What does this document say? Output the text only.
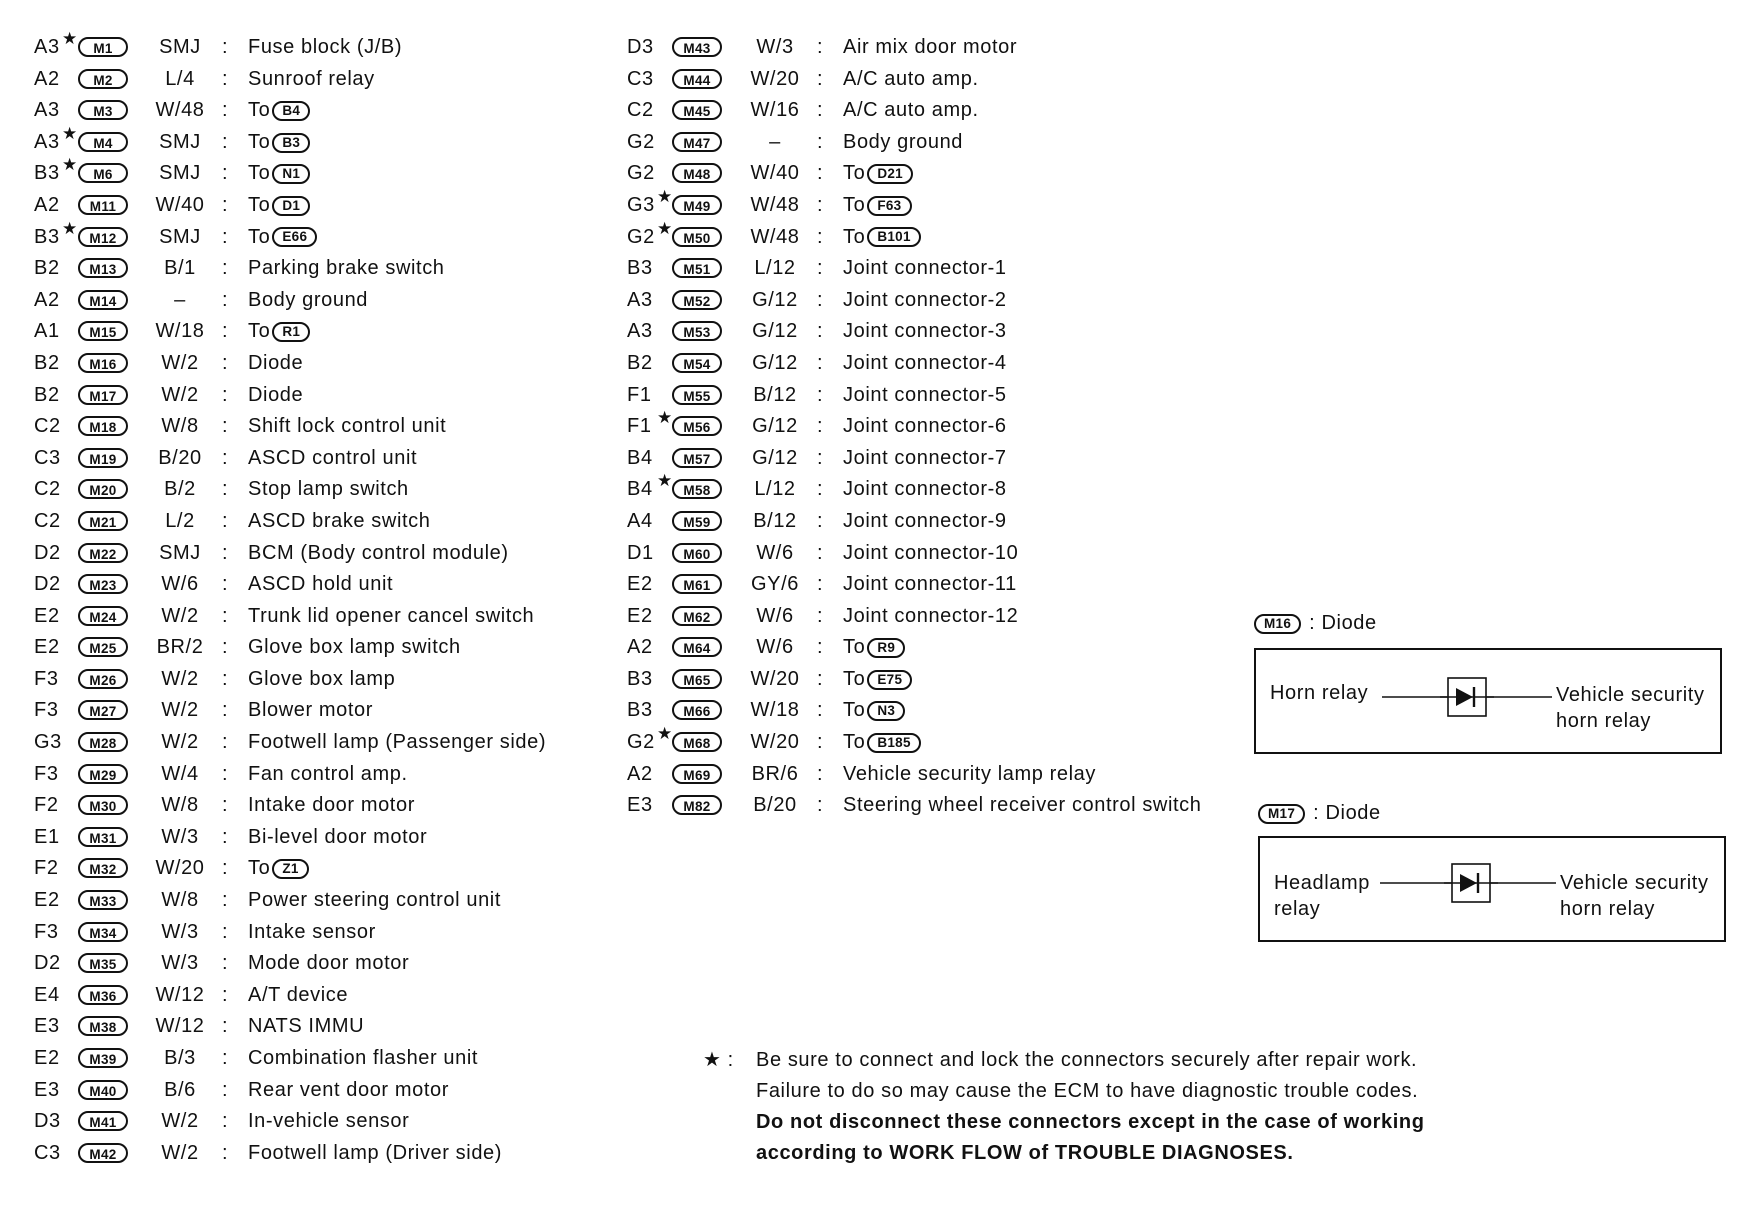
A3	M1	SMJ	Fuse block (J/B)
:
★
A2	M2	L/4	Sunroof relay
:
A3	M3	W/48	To B4
:
A3	M4	SMJ	To B3
:
★
B3	M6	SMJ	To N1
:
★
A2	M11	W/40	To D1
:
B3	M12	SMJ	To E66
:
★
B2	M13	B/1	Parking brake switch
:
A2	M14	–	Body ground
:
A1	M15	W/18	To R1
:
B2	M16	W/2	Diode
:
B2	M17	W/2	Diode
:
C2	M18	W/8	Shift lock control unit
:
C3	M19	B/20	ASCD control unit
:
C2	M20	B/2	Stop lamp switch
:
C2	M21	L/2	ASCD brake switch
:
D2	M22	SMJ	BCM (Body control module)
:
D2	M23	W/6	ASCD hold unit
:
E2	M24	W/2	Trunk lid opener cancel switch
:
E2	M25	BR/2	Glove box lamp switch
:
F3	M26	W/2	Glove box lamp
:
F3	M27	W/2	Blower motor
:
G3	M28	W/2	Footwell lamp (Passenger side)
:
F3	M29	W/4	Fan control amp.
:
F2	M30	W/8	Intake door motor
:
E1	M31	W/3	Bi-level door motor
:
F2	M32	W/20	To Z1
:
E2	M33	W/8	Power steering control unit
:
F3	M34	W/3	Intake sensor
:
D2	M35	W/3	Mode door motor
:
E4	M36	W/12	A/T device
:
E3	M38	W/12	NATS IMMU
:
E2	M39	B/3	Combination flasher unit
:
E3	M40	B/6	Rear vent door motor
:
D3	M41	W/2	In-vehicle sensor
:
C3	M42	W/2	Footwell lamp (Driver side)
:
D3	M43	W/3	Air mix door motor
:
C3	M44	W/20	A/C auto amp.
:
C2	M45	W/16	A/C auto amp.
:
G2	M47	–	Body ground
:
G2	M48	W/40	To D21
:
G3	M49	W/48	To F63
:
★
G2	M50	W/48	To B101
:
★
B3	M51	L/12	Joint connector-1
:
A3	M52	G/12	Joint connector-2
:
A3	M53	G/12	Joint connector-3
:
B2	M54	G/12	Joint connector-4
:
F1	M55	B/12	Joint connector-5
:
F1	M56	G/12	Joint connector-6
:
★
B4	M57	G/12	Joint connector-7
:
B4	M58	L/12	Joint connector-8
:
★
A4	M59	B/12	Joint connector-9
:
D1	M60	W/6	Joint connector-10
:
E2	M61	GY/6	Joint connector-11
:
E2	M62	W/6	Joint connector-12
:
A2	M64	W/6	To R9
:
B3	M65	W/20	To E75
:
B3	M66	W/18	To N3
:
G2	M68	W/20	To B185
:
★
A2	M69	BR/6	Vehicle security lamp relay
:
E3	M82	B/20	Steering wheel receiver control switch
:
M16 : Diode
Horn relay	Vehicle security
horn relay
M17 : Diode
Headlamp
relay
Vehicle security
horn relay
★ : Be sure to connect and lock the connectors securely after repair work.
Failure to do so may cause the ECM to have diagnostic trouble codes.
Do not disconnect these connectors except in the case of working
according to WORK FLOW of TROUBLE DIAGNOSES.
